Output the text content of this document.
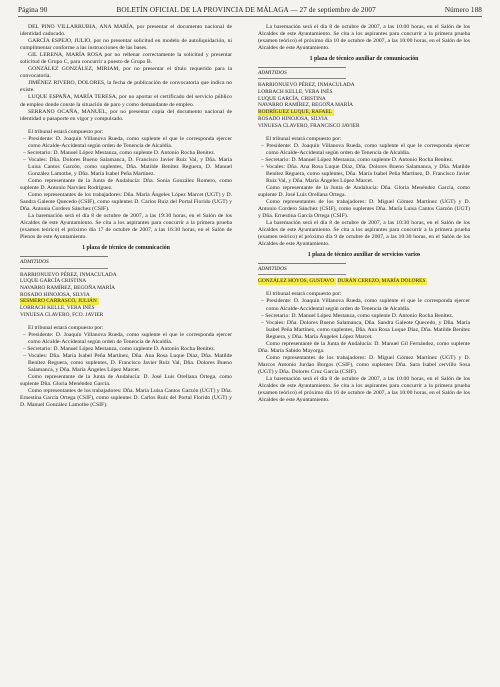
Página 90	BOLETÍN OFICIAL DE LA PROVINCIA DE MÁLAGA — 27 de septiembre de 2007	Número 188

DEL PINO VILLARRUBIA, ANA MARÍA, por presentar el documento nacional de identidad caducado.

GARCÍA ESPEJO, JULIO, por no presentar solicitud en modelo de autoliquidación, ni cumplimentar conforme a las instrucciones de las bases.

GIL LERENA, MARÍA ROSA por no rellenar correctamente la solicitud y presentar solicitud de Grupo C, para concurrir a puesto de Grupo B.

GONZÁLEZ GONZÁLEZ, MIRIAM, por no presentar el título requerido para la convocatoria.

JIMÉNEZ RIVERO, DOLORES, la fecha de publicación de convocatoria que indica no existe.

LUQUE ESPAÑA, MARÍA TERESA, por no aportar el certificado del servicio público de empleo donde conste la situación de paro y como demandante de empleo.

SERRANO OCAÑA, MANUEL, por no presentar copia del documento nacional de identidad o pasaporte en vigor y compulsado.

El tribunal estará compuesto por:

– Presidente: D. Joaquín Villanova Rueda, como suplente el que le corresponda ejercer como Alcalde-Accidental según orden de Tenencia de Alcaldía.

– Secretario: D. Manuel López Mestanza, como suplente D. Antonio Rocha Benítez.

– Vocales: Dña. Dolores Bueno Salamanca, D. Francisco Javier Ruiz Val, y Dña. María Luisa Cantos Garzón, como suplentes, Dña. Matilde Benítez Reguera, D. Manuel González Lamothe, y Dña. María Isabel Peña Martínez.

Como representante de la Junta de Andalucía: Dña. Sonia González Romero, como suplente D. Antonio Narváez Rodríguez.

Como representantes de los trabajadores: Dña. María Ángeles López Marcet (UGT) y D. Sandra Galeote Quecedo (CSIF), como suplentes D. Carlos Ruiz del Portal Florido (UGT) y Dña. Antonia Cordero Sánchez (CSIF).

La baremación será el día 8 de octubre de 2007, a las 19:30 horas, en el Salón de los Alcaldes de este Ayuntamiento. Se cita a los aspirantes para concurrir a la primera prueba (examen teórico) el próximo día 17 de octubre de 2007, a las 16:30 horas, en el Salón de Plenos de este Ayuntamiento.

1 plaza de técnico de comunicación

ADMITIDOS

BARRIONUEVO PÉREZ, INMACULADA

LUQUE GARCÍA CRISTINA

NAVARRO RAMÍREZ, BEGOÑA MARÍA

ROSADO HINOJOSA, SILVIA

SESMERO CARRASCO, JULIÁN

LORBACH KELLE, VERA INÉS

VINUESA CLAVERO, FCO. JAVIER

El tribunal estará compuesto por:

– Presidente: D. Joaquín Villanova Rueda, como suplente el que le corresponda ejercer como Alcalde-Accidental según orden de Tenencia de Alcaldía.

– Secretario: D. Manuel López Mestanza, como suplente D. Antonio Rocha Benítez.

– Vocales: Dña. María Isabel Peña Martínez, Dña. Ana Rosa Luque Díaz, Dña. Matilde Benítez Reguera, como suplentes, D. Francisco Javier Ruiz Val, Dña. Dolores Bueno Salamanca, y Dña. María Ángeles López Marcet.

Como representante de la Junta de Andalucía: D. José Luis Orellana Ortega, como suplente Dña. Gloria Menéndez García.

Como representantes de los trabajadores: Dña. María Luisa Cantos Garzón (UGT) y Dña. Ernestina García Ortega (CSIF), como suplentes D. Carlos Ruiz del Portal Florido (UGT) y D. Manuel González Lamothe (CSIF).

La baremación será el día 8 de octubre de 2007, a las 10:00 horas, en el Salón de los Alcaldes de este Ayuntamiento. Se cita a los aspirantes para concurrir a la primera prueba (examen teórico) el próximo día 10 de octubre de 2007, a las 10:00 horas, en el Salón de los Alcaldes de este Ayuntamiento.

1 plaza de técnico auxiliar de comunicación

ADMITIDOS

BARRIONUEVO PÉREZ, INMACULADA

LORBACH KELLE, VERA INÉS

LUQUE GARCÍA, CRISTINA

NAVARRO RAMÍREZ, BEGOÑA MARÍA

RODRÍGUEZ LUQUE, RAFAEL

ROSADO HINOJOSA, SILVIA

VINUESA CLAVERO, FRANCISCO JAVIER

El tribunal estará compuesto por:

– Presidente: D. Joaquín Villanova Rueda, como suplente el que le corresponda ejercer como Alcalde-Accidental según orden de Tenencia de Alcaldía.

– Secretario: D. Manuel López Mestanza, como suplente D. Antonio Rocha Benítez.

– Vocales: Dña. Ana Rosa Luque Díaz, Dña. Dolores Bueno Salamanca, y Dña. Matilde Benítez Reguera, como suplentes, Dña. María Isabel Peña Martínez, D. Francisco Javier Ruiz Val, y Dña. María Ángeles López Marcet.

Como representante de la Junta de Andalucía: Dña. Gloria Menéndez García, como suplente D. José Luis Orellana Ortega.

Como representantes de los trabajadores: D. Miguel Gómez Martínez (UGT) y D. Antonio Cordero Sánchez (CSIF), como suplentes Dña. María Luisa Cantos Garzón (UGT) y Dña. Ernestina García Ortega (CSIF).

La baremación será el día 8 de octubre de 2007, a las 10:30 horas, en el Salón de los Alcaldes de este Ayuntamiento. Se cita a los aspirantes para concurrir a la primera prueba (examen teórico) el próximo día 9 de octubre de 2007, a las 10:30 horas, en el Salón de los Alcaldes de este Ayuntamiento.

1 plaza de técnico auxiliar de servicios varios

ADMITIDOS

GONZÁLEZ HOYOS, GUSTAVO

DURÁN CEREZO, MARÍA DOLORES

El tribunal estará compuesto por:

– Presidente: D. Joaquín Villanova Rueda, como suplente el que le corresponda ejercer como Alcalde-Accidental según orden de Tenencia de Alcaldía.

– Secretario: D. Manuel López Mestanza, como suplente D. Antonio Rocha Benítez.

– Vocales: Dña. Dolores Bueno Salamanca, Dña. Sandra Galeote Quecedo, y Dña. María Isabel Peña Martínez, como suplentes, Dña. Ana Rosa Luque Díaz, Dña. Matilde Benítez Reguera, y Dña. María Ángeles López Marcet.

Como representante de la Junta de Andalucía: D. Manuel Gil Fernández, como suplente Dña. María Sabido Mayorga.

Como representantes de los trabajadores: D. Miguel Gómez Martínez (UGT) y D. Marcos Antonio Jurdao Burgos (CSIF), como suplentes Dña. Sara Isabel cervillo Sosa (UGT) y Dña. Dolores Cruz García (CSIF).

La baremación será el día 8 de octubre de 2007, a las 10:00 horas, en el Salón de los Alcaldes de este Ayuntamiento. Se cita a los aspirantes para concurrir a la primera prueba (examen teórico) el próximo día 16 de octubre de 2007, a las 10:00 horas, en el Salón de los Alcaldes de este Ayuntamiento.
